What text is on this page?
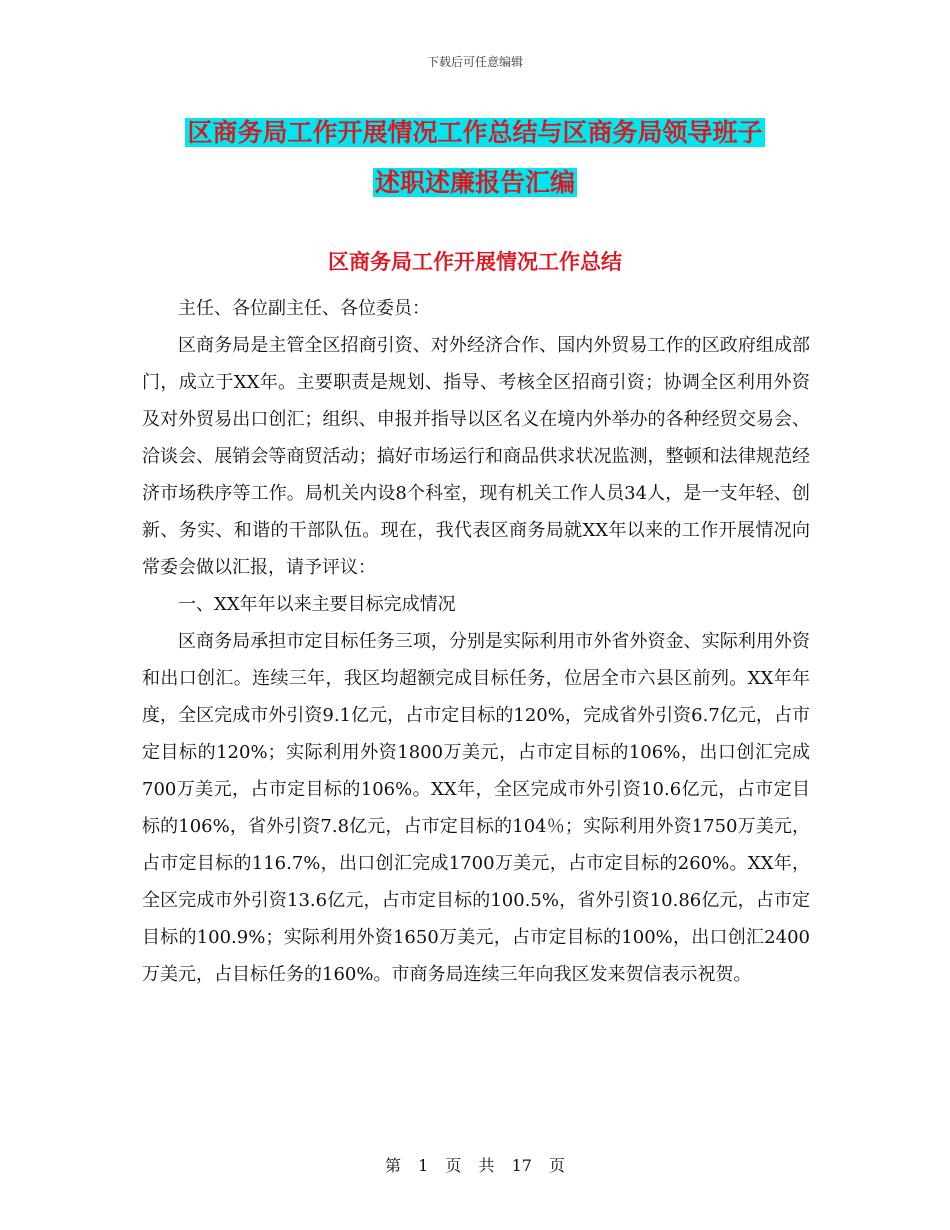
下载后可任意编辑
区商务局工作开展情况工作总结与区商务局领导班子
述职述廉报告汇编
区商务局工作开展情况工作总结

主任、各位副主任、各位委员：

区商务局是主管全区招商引资、对外经济合作、国内外贸易工作的区政府组成部门，成立于XX年。主要职责是规划、指导、考核全区招商引资；协调全区利用外资及对外贸易出口创汇；组织、申报并指导以区名义在境内外举办的各种经贸交易会、洽谈会、展销会等商贸活动；搞好市场运行和商品供求状况监测，整顿和法律规范经济市场秩序等工作。局机关内设8个科室，现有机关工作人员34人，是一支年轻、创新、务实、和谐的干部队伍。现在，我代表区商务局就XX年以来的工作开展情况向常委会做以汇报，请予评议：

一、XX年年以来主要目标完成情况

区商务局承担市定目标任务三项，分别是实际利用市外省外资金、实际利用外资和出口创汇。连续三年，我区均超额完成目标任务，位居全市六县区前列。XX年年度，全区完成市外引资9.1亿元，占市定目标的120%，完成省外引资6.7亿元，占市定目标的120%；实际利用外资1800万美元，占市定目标的106%，出口创汇完成700万美元，占市定目标的106%。XX年，全区完成市外引资10.6亿元，占市定目标的106%，省外引资7.8亿元，占市定目标的104％；实际利用外资1750万美元，占市定目标的116.7%，出口创汇完成1700万美元，占市定目标的260%。XX年，全区完成市外引资13.6亿元，占市定目标的100.5%，省外引资10.86亿元，占市定目标的100.9%；实际利用外资1650万美元，占市定目标的100%，出口创汇2400万美元，占目标任务的160%。市商务局连续三年向我区发来贺信表示祝贺。

第 1 页 共 17 页
